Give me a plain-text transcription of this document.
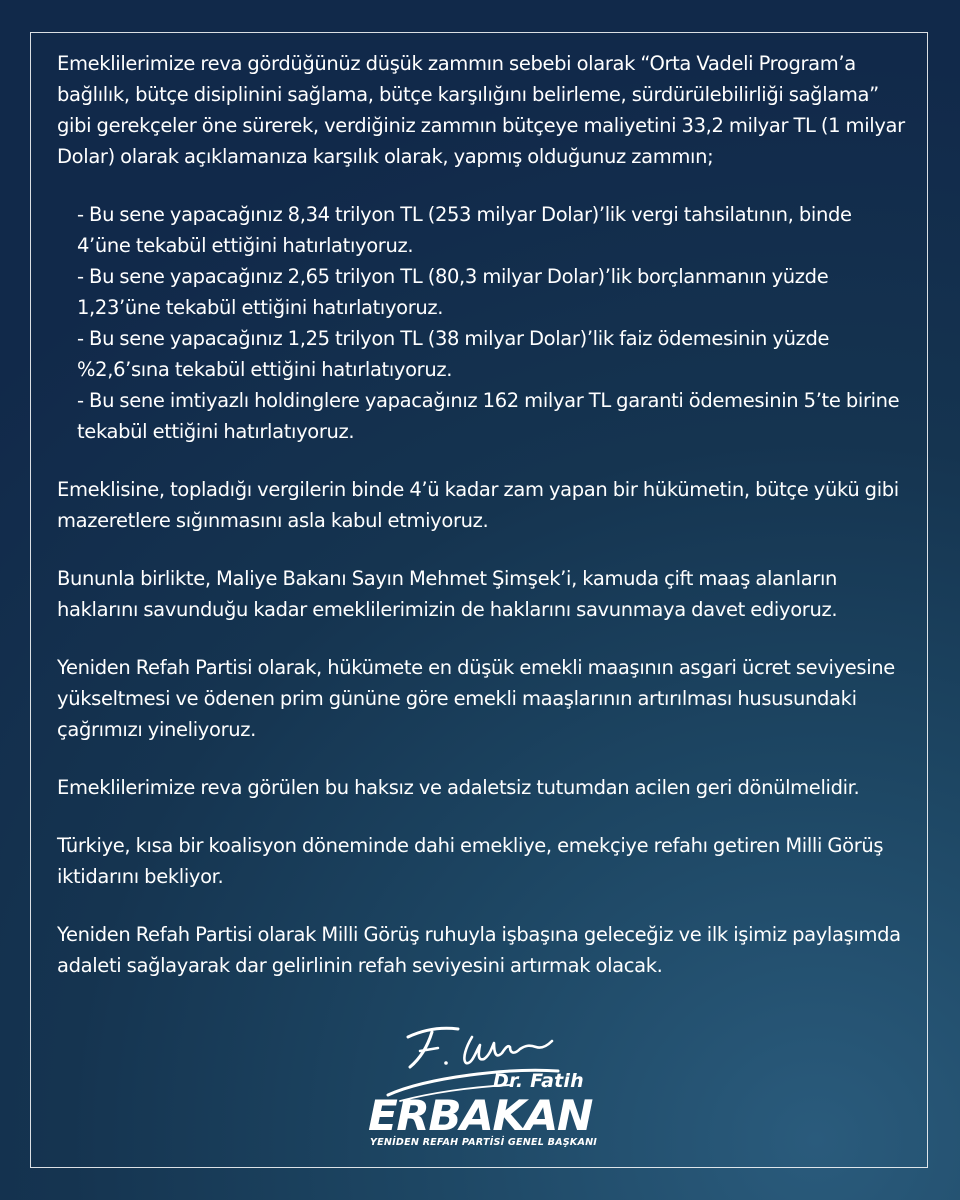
Emeklilerimize reva gördüğünüz düşük zammın sebebi olarak “Orta Vadeli Program’a bağlılık, bütçe disiplinini sağlama, bütçe karşılığını belirleme, sürdürülebilirliği sağlama” gibi gerekçeler öne sürerek, verdiğiniz zammın bütçeye maliyetini 33,2 milyar TL (1 milyar Dolar) olarak açıklamanıza karşılık olarak, yapmış olduğunuz zammın;

- Bu sene yapacağınız 8,34 trilyon TL (253 milyar Dolar)’lik vergi tahsilatının, binde 4’üne tekabül ettiğini hatırlatıyoruz.
- Bu sene yapacağınız 2,65 trilyon TL (80,3 milyar Dolar)’lik borçlanmanın yüzde 1,23’üne tekabül ettiğini hatırlatıyoruz.
- Bu sene yapacağınız 1,25 trilyon TL (38 milyar Dolar)’lik faiz ödemesinin yüzde %2,6’sına tekabül ettiğini hatırlatıyoruz.
- Bu sene imtiyazlı holdinglere yapacağınız 162 milyar TL garanti ödemesinin 5’te birine tekabül ettiğini hatırlatıyoruz.

Emeklisine, topladığı vergilerin binde 4’ü kadar zam yapan bir hükümetin, bütçe yükü gibi mazeretlere sığınmasını asla kabul etmiyoruz.

Bununla birlikte, Maliye Bakanı Sayın Mehmet Şimşek’i, kamuda çift maaş alanların haklarını savunduğu kadar emeklilerimizin de haklarını savunmaya davet ediyoruz.

Yeniden Refah Partisi olarak, hükümete en düşük emekli maaşının asgari ücret seviyesine yükseltmesi ve ödenen prim gününe göre emekli maaşlarının artırılması hususundaki çağrımızı yineliyoruz.

Emeklilerimize reva görülen bu haksız ve adaletsiz tutumdan acilen geri dönülmelidir.

Türkiye, kısa bir koalisyon döneminde dahi emekliye, emekçiye refahı getiren Milli Görüş iktidarını bekliyor.

Yeniden Refah Partisi olarak Milli Görüş ruhuyla işbaşına geleceğiz ve ilk işimiz paylaşımda adaleti sağlayarak dar gelirlinin refah seviyesini artırmak olacak.

Dr. Fatih
ERBAKAN
YENİDEN REFAH PARTİSİ GENEL BAŞKANI
